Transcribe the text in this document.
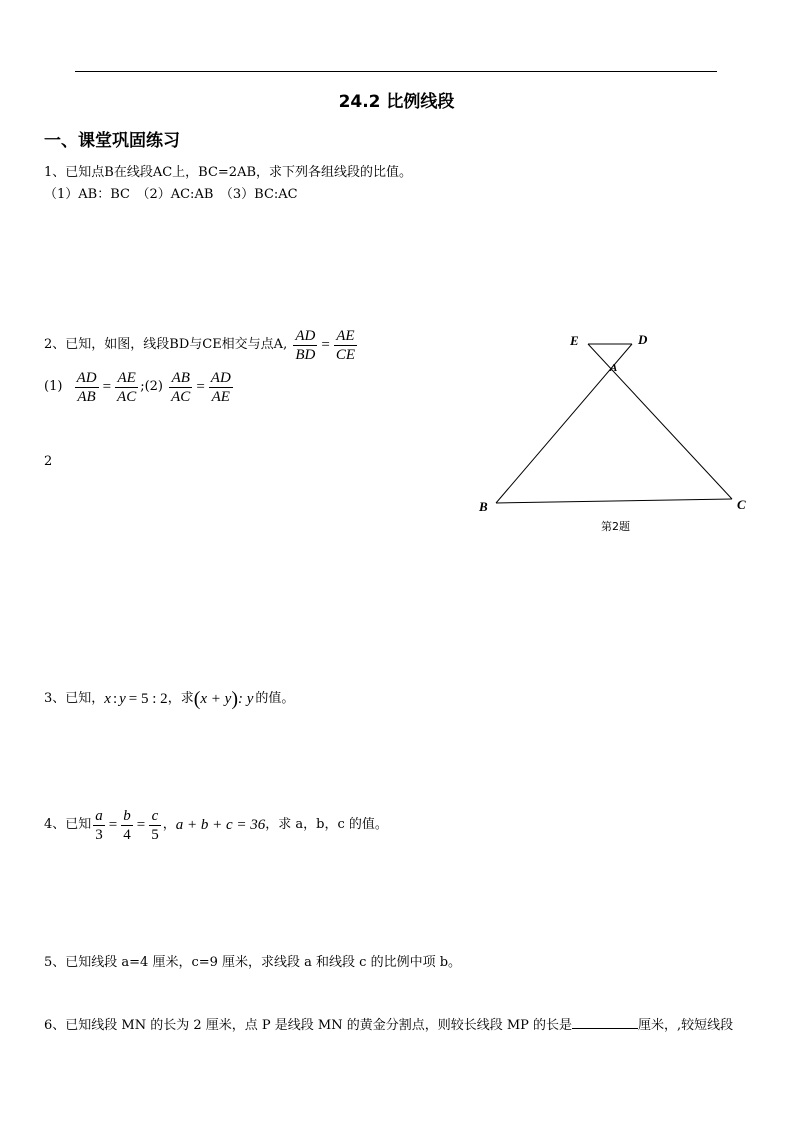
24.2 比例线段
一、课堂巩固练习
1、已知点B在线段AC上，BC=2AB，求下列各组线段的比值。
（1）AB：BC　（2）AC:AB　（3）BC:AC
2、已知，如图，线段BD与CE相交与点A, $\frac{AD}{BD} = \frac{AE}{CE}$
$(1) \frac{AD}{AB} = \frac{AE}{AC}$ ;(2) $\frac{AB}{AC} = \frac{AD}{AE}$
2
E	D
A
B	C
第2题
3、已知，x : y = 5 : 2，求(x + y): y 的值。
4、已知 $\frac{a}{3} = \frac{b}{4} = \frac{c}{5}$ ，a + b + c = 36，求 a，b，c 的值。
5、已知线段 a=4 厘米，c=9 厘米，求线段 a 和线段 c 的比例中项 b。
6、已知线段 MN 的长为 2 厘米，点 P 是线段 MN 的黄金分割点，则较长线段 MP 的长是	厘米，,较短线段
